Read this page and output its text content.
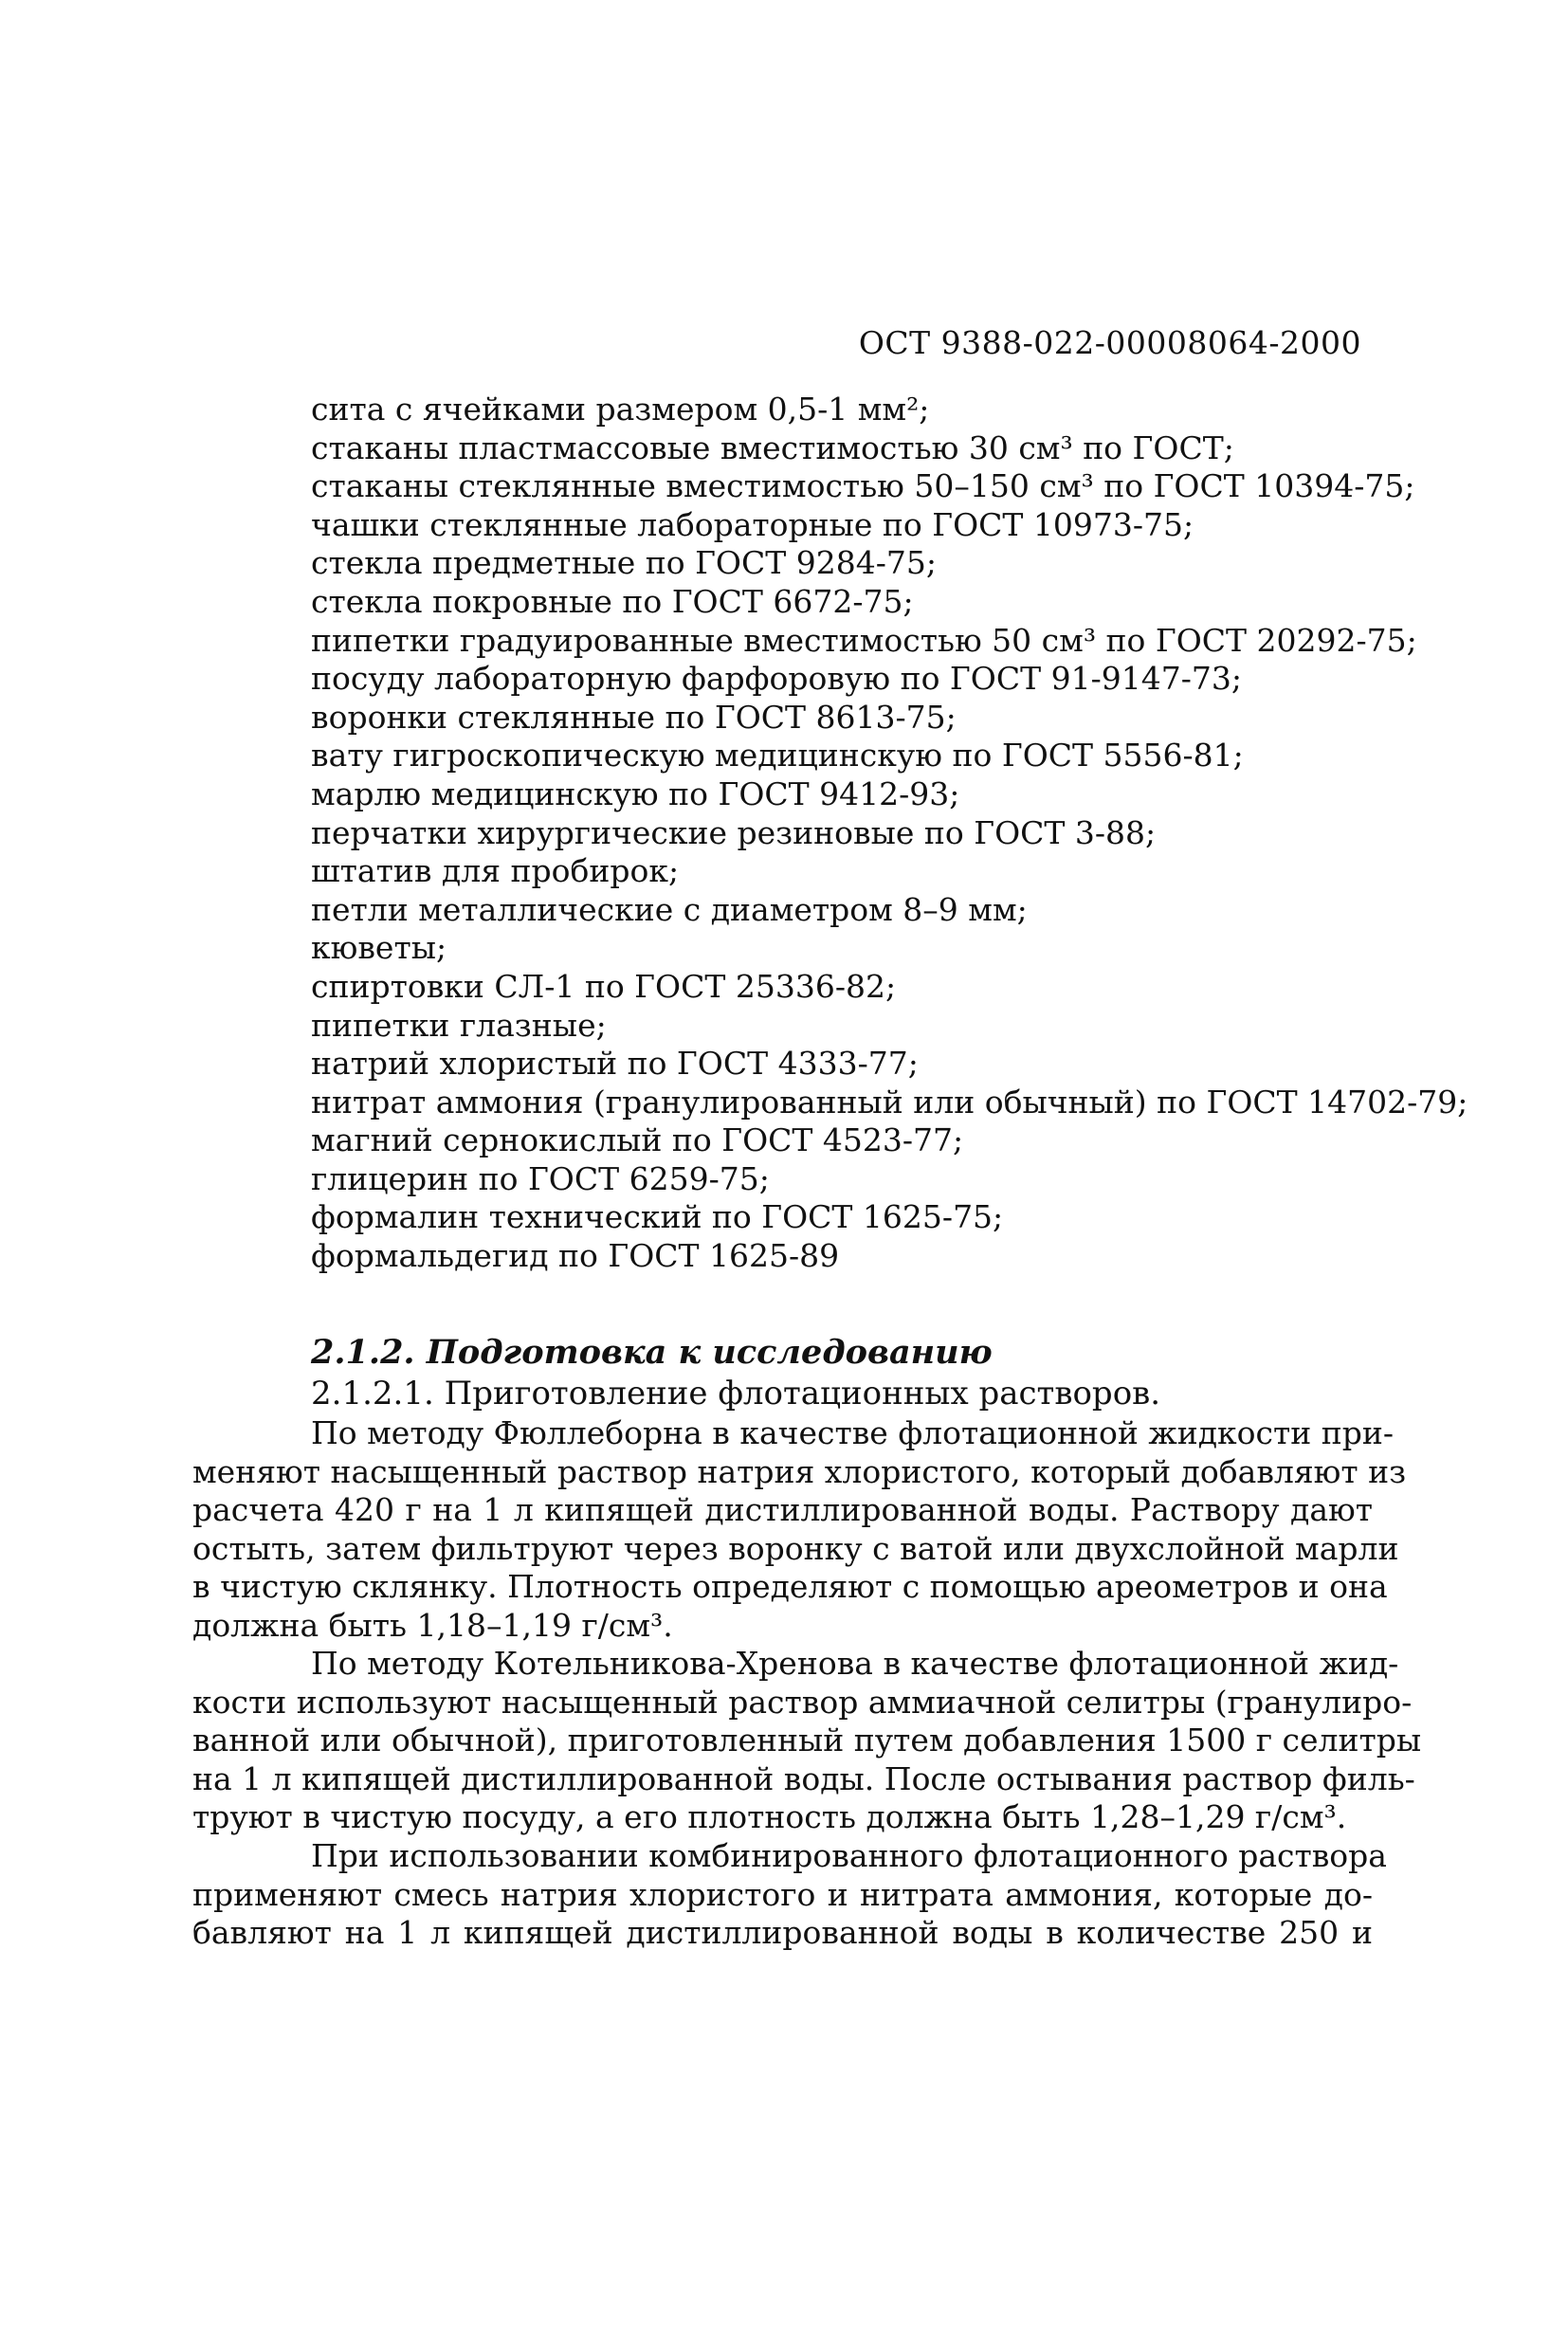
ОСТ 9388-022-00008064-2000
сита с ячейками размером 0,5-1 мм²;
стаканы пластмассовые вместимостью 30 см³ по ГОСТ;
стаканы стеклянные вместимостью 50–150 см³ по ГОСТ 10394-75;
чашки стеклянные лабораторные по ГОСТ 10973-75;
стекла предметные по ГОСТ 9284-75;
стекла покровные по ГОСТ 6672-75;
пипетки градуированные вместимостью 50 см³ по ГОСТ 20292-75;
посуду лабораторную фарфоровую по ГОСТ 91-9147-73;
воронки стеклянные по ГОСТ 8613-75;
вату гигроскопическую медицинскую по ГОСТ 5556-81;
марлю медицинскую по ГОСТ 9412-93;
перчатки хирургические резиновые по ГОСТ 3-88;
штатив для пробирок;
петли металлические с диаметром 8–9 мм;
кюветы;
спиртовки СЛ-1 по ГОСТ 25336-82;
пипетки глазные;
натрий хлористый по ГОСТ 4333-77;
нитрат аммония (гранулированный или обычный) по ГОСТ 14702-79;
магний сернокислый по ГОСТ 4523-77;
глицерин по ГОСТ 6259-75;
формалин технический по ГОСТ 1625-75;
формальдегид по ГОСТ 1625-89
2.1.2. Подготовка к исследованию
2.1.2.1. Приготовление флотационных растворов.
По методу Фюллеборна в качестве флотационной жидкости при-
меняют насыщенный раствор натрия хлористого, который добавляют из
расчета 420 г на 1 л кипящей дистиллированной воды. Раствору дают
остыть, затем фильтруют через воронку с ватой или двухслойной марли
в чистую склянку. Плотность определяют с помощью ареометров и она
должна быть 1,18–1,19 г/см³.
По методу Котельникова-Хренова в качестве флотационной жид-
кости используют насыщенный раствор аммиачной селитры (гранулиро-
ванной или обычной), приготовленный путем добавления 1500 г селитры
на 1 л кипящей дистиллированной воды. После остывания раствор филь-
труют в чистую посуду, а его плотность должна быть 1,28–1,29 г/см³.
При использовании комбинированного флотационного раствора
применяют смесь натрия хлористого и нитрата аммония, которые до-
бавляют на 1 л кипящей дистиллированной воды в количестве 250 и
